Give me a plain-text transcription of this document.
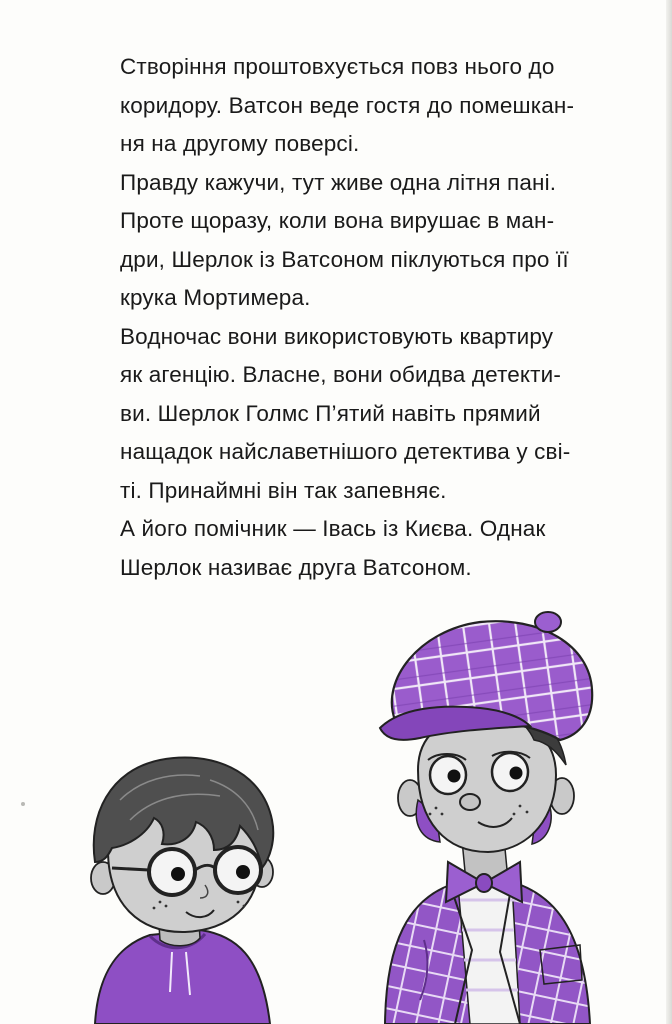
Створіння проштовхується повз нього до
коридору. Ватсон веде гостя до помешкан-
ня на другому поверсі.
Правду кажучи, тут живе одна літня пані.
Проте щоразу, коли вона вирушає в ман-
дри, Шерлок із Ватсоном піклуються про її
крука Мортимера.
Водночас вони використовують квартиру
як агенцію. Власне, вони обидва детекти-
ви. Шерлок Голмс П’ятий навіть прямий
нащадок найславетнішого детектива у сві-
ті. Принаймні він так запевняє.
А його помічник — Івась із Києва. Однак
Шерлок називає друга Ватсоном.
